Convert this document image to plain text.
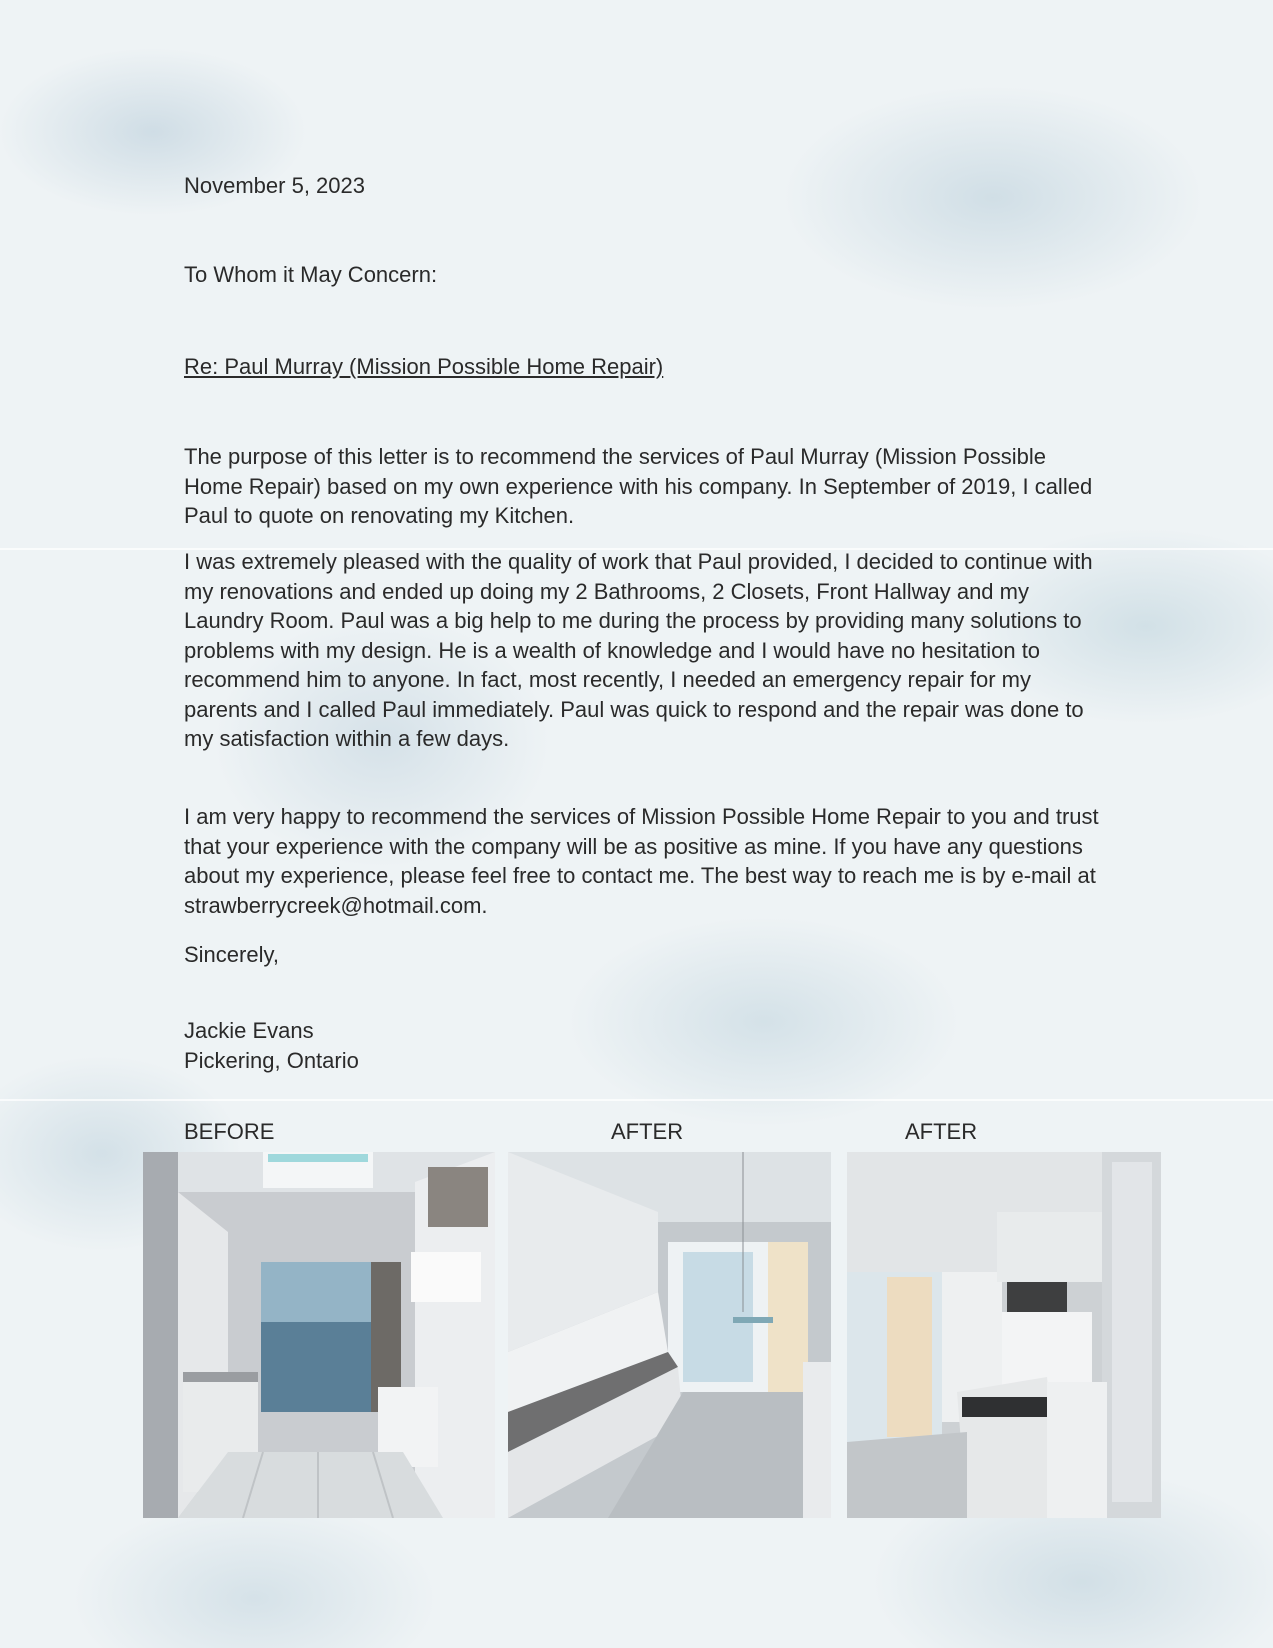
November 5, 2023
To Whom it May Concern:
Re: Paul Murray (Mission Possible Home Repair)

The purpose of this letter is to recommend the services of Paul Murray (Mission Possible Home Repair) based on my own experience with his company. In September of 2019, I called Paul to quote on renovating my Kitchen.

I was extremely pleased with the quality of work that Paul provided, I decided to continue with my renovations and ended up doing my 2 Bathrooms, 2 Closets, Front Hallway and my Laundry Room. Paul was a big help to me during the process by providing many solutions to problems with my design. He is a wealth of knowledge and I would have no hesitation to recommend him to anyone. In fact, most recently, I needed an emergency repair for my parents and I called Paul immediately. Paul was quick to respond and the repair was done to my satisfaction within a few days.

I am very happy to recommend the services of Mission Possible Home Repair to you and trust that your experience with the company will be as positive as mine. If you have any questions about my experience, please feel free to contact me. The best way to reach me is by e-mail at strawberrycreek@hotmail.com.

Sincerely,
Jackie Evans
Pickering, Ontario
BEFORE	AFTER	AFTER
